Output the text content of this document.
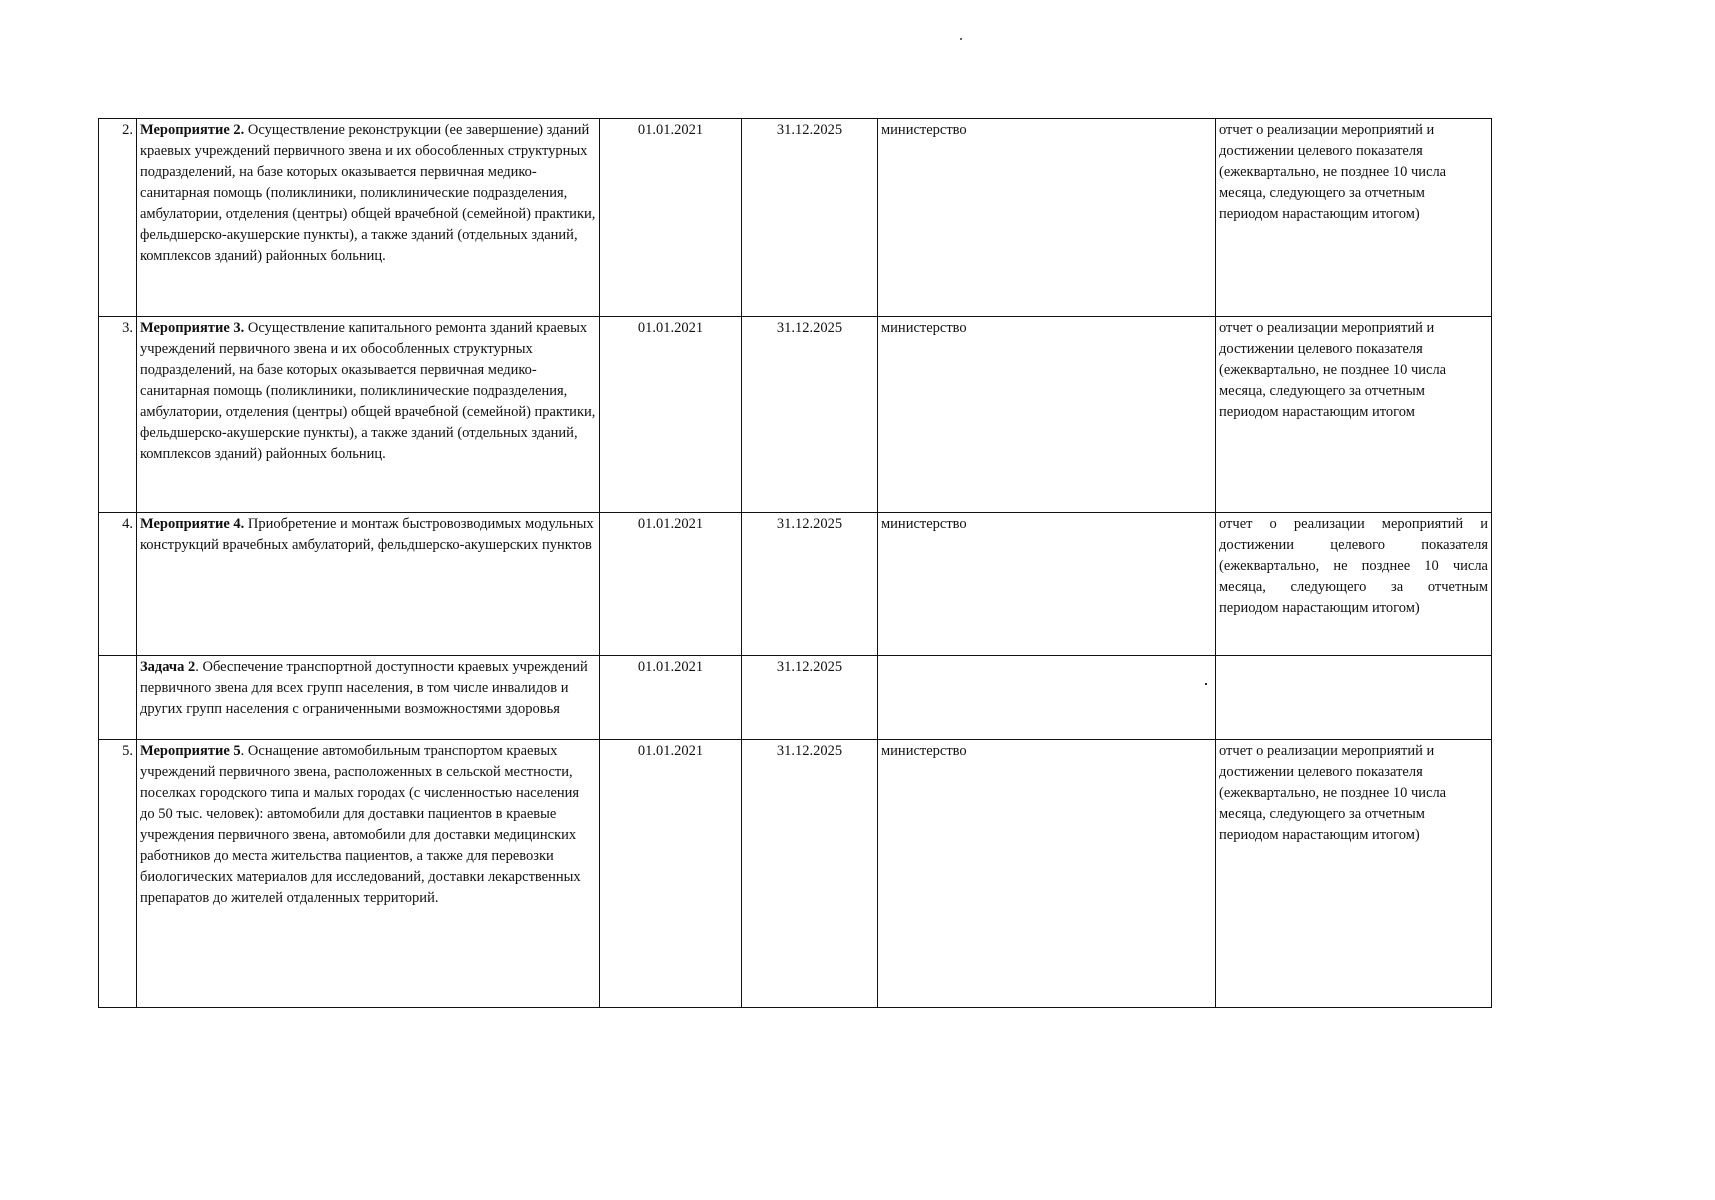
2.	Мероприятие 2. Осуществление реконструкции (ее завершение) зданий краевых учреждений первичного звена и их обособленных структурных подразделений, на базе которых оказывается первичная медико-санитарная помощь (поликлиники, поликлинические подразделения, амбулатории, отделения (центры) общей врачебной (семейной) практики, фельдшерско-акушерские пункты), а также зданий (отдельных зданий, комплексов зданий) районных больниц.	01.01.2021	31.12.2025	министерство	отчет о реализации мероприятий и достижении целевого показателя (ежеквартально, не позднее 10 числа месяца, следующего за отчетным периодом нарастающим итогом)
3.	Мероприятие 3. Осуществление капитального ремонта зданий краевых учреждений первичного звена и их обособленных структурных подразделений, на базе которых оказывается первичная медико-санитарная помощь (поликлиники, поликлинические подразделения, амбулатории, отделения (центры) общей врачебной (семейной) практики, фельдшерско-акушерские пункты), а также зданий (отдельных зданий, комплексов зданий) районных больниц.	01.01.2021	31.12.2025	министерство	отчет о реализации мероприятий и достижении целевого показателя (ежеквартально, не позднее 10 числа месяца, следующего за отчетным периодом нарастающим итогом
4.	Мероприятие 4. Приобретение и монтаж быстровозводимых модульных конструкций врачебных амбулаторий, фельдшерско-акушерских пунктов	01.01.2021	31.12.2025	министерство	отчет о реализации мероприятий и достижении целевого показателя (ежеквартально, не позднее 10 числа месяца, следующего за отчетным периодом нарастающим итогом)
	Задача 2. Обеспечение транспортной доступности краевых учреждений первичного звена для всех групп населения, в том числе инвалидов и других групп населения с ограниченными возможностями здоровья	01.01.2021	31.12.2025		
5.	Мероприятие 5. Оснащение автомобильным транспортом краевых учреждений первичного звена, расположенных в сельской местности, поселках городского типа и малых городах (с численностью населения до 50 тыс. человек): автомобили для доставки пациентов в краевые учреждения первичного звена, автомобили для доставки медицинских работников до места жительства пациентов, а также для перевозки биологических материалов для исследований, доставки лекарственных препаратов до жителей отдаленных территорий.	01.01.2021	31.12.2025	министерство	отчет о реализации мероприятий и достижении целевого показателя (ежеквартально, не позднее 10 числа месяца, следующего за отчетным периодом нарастающим итогом)
